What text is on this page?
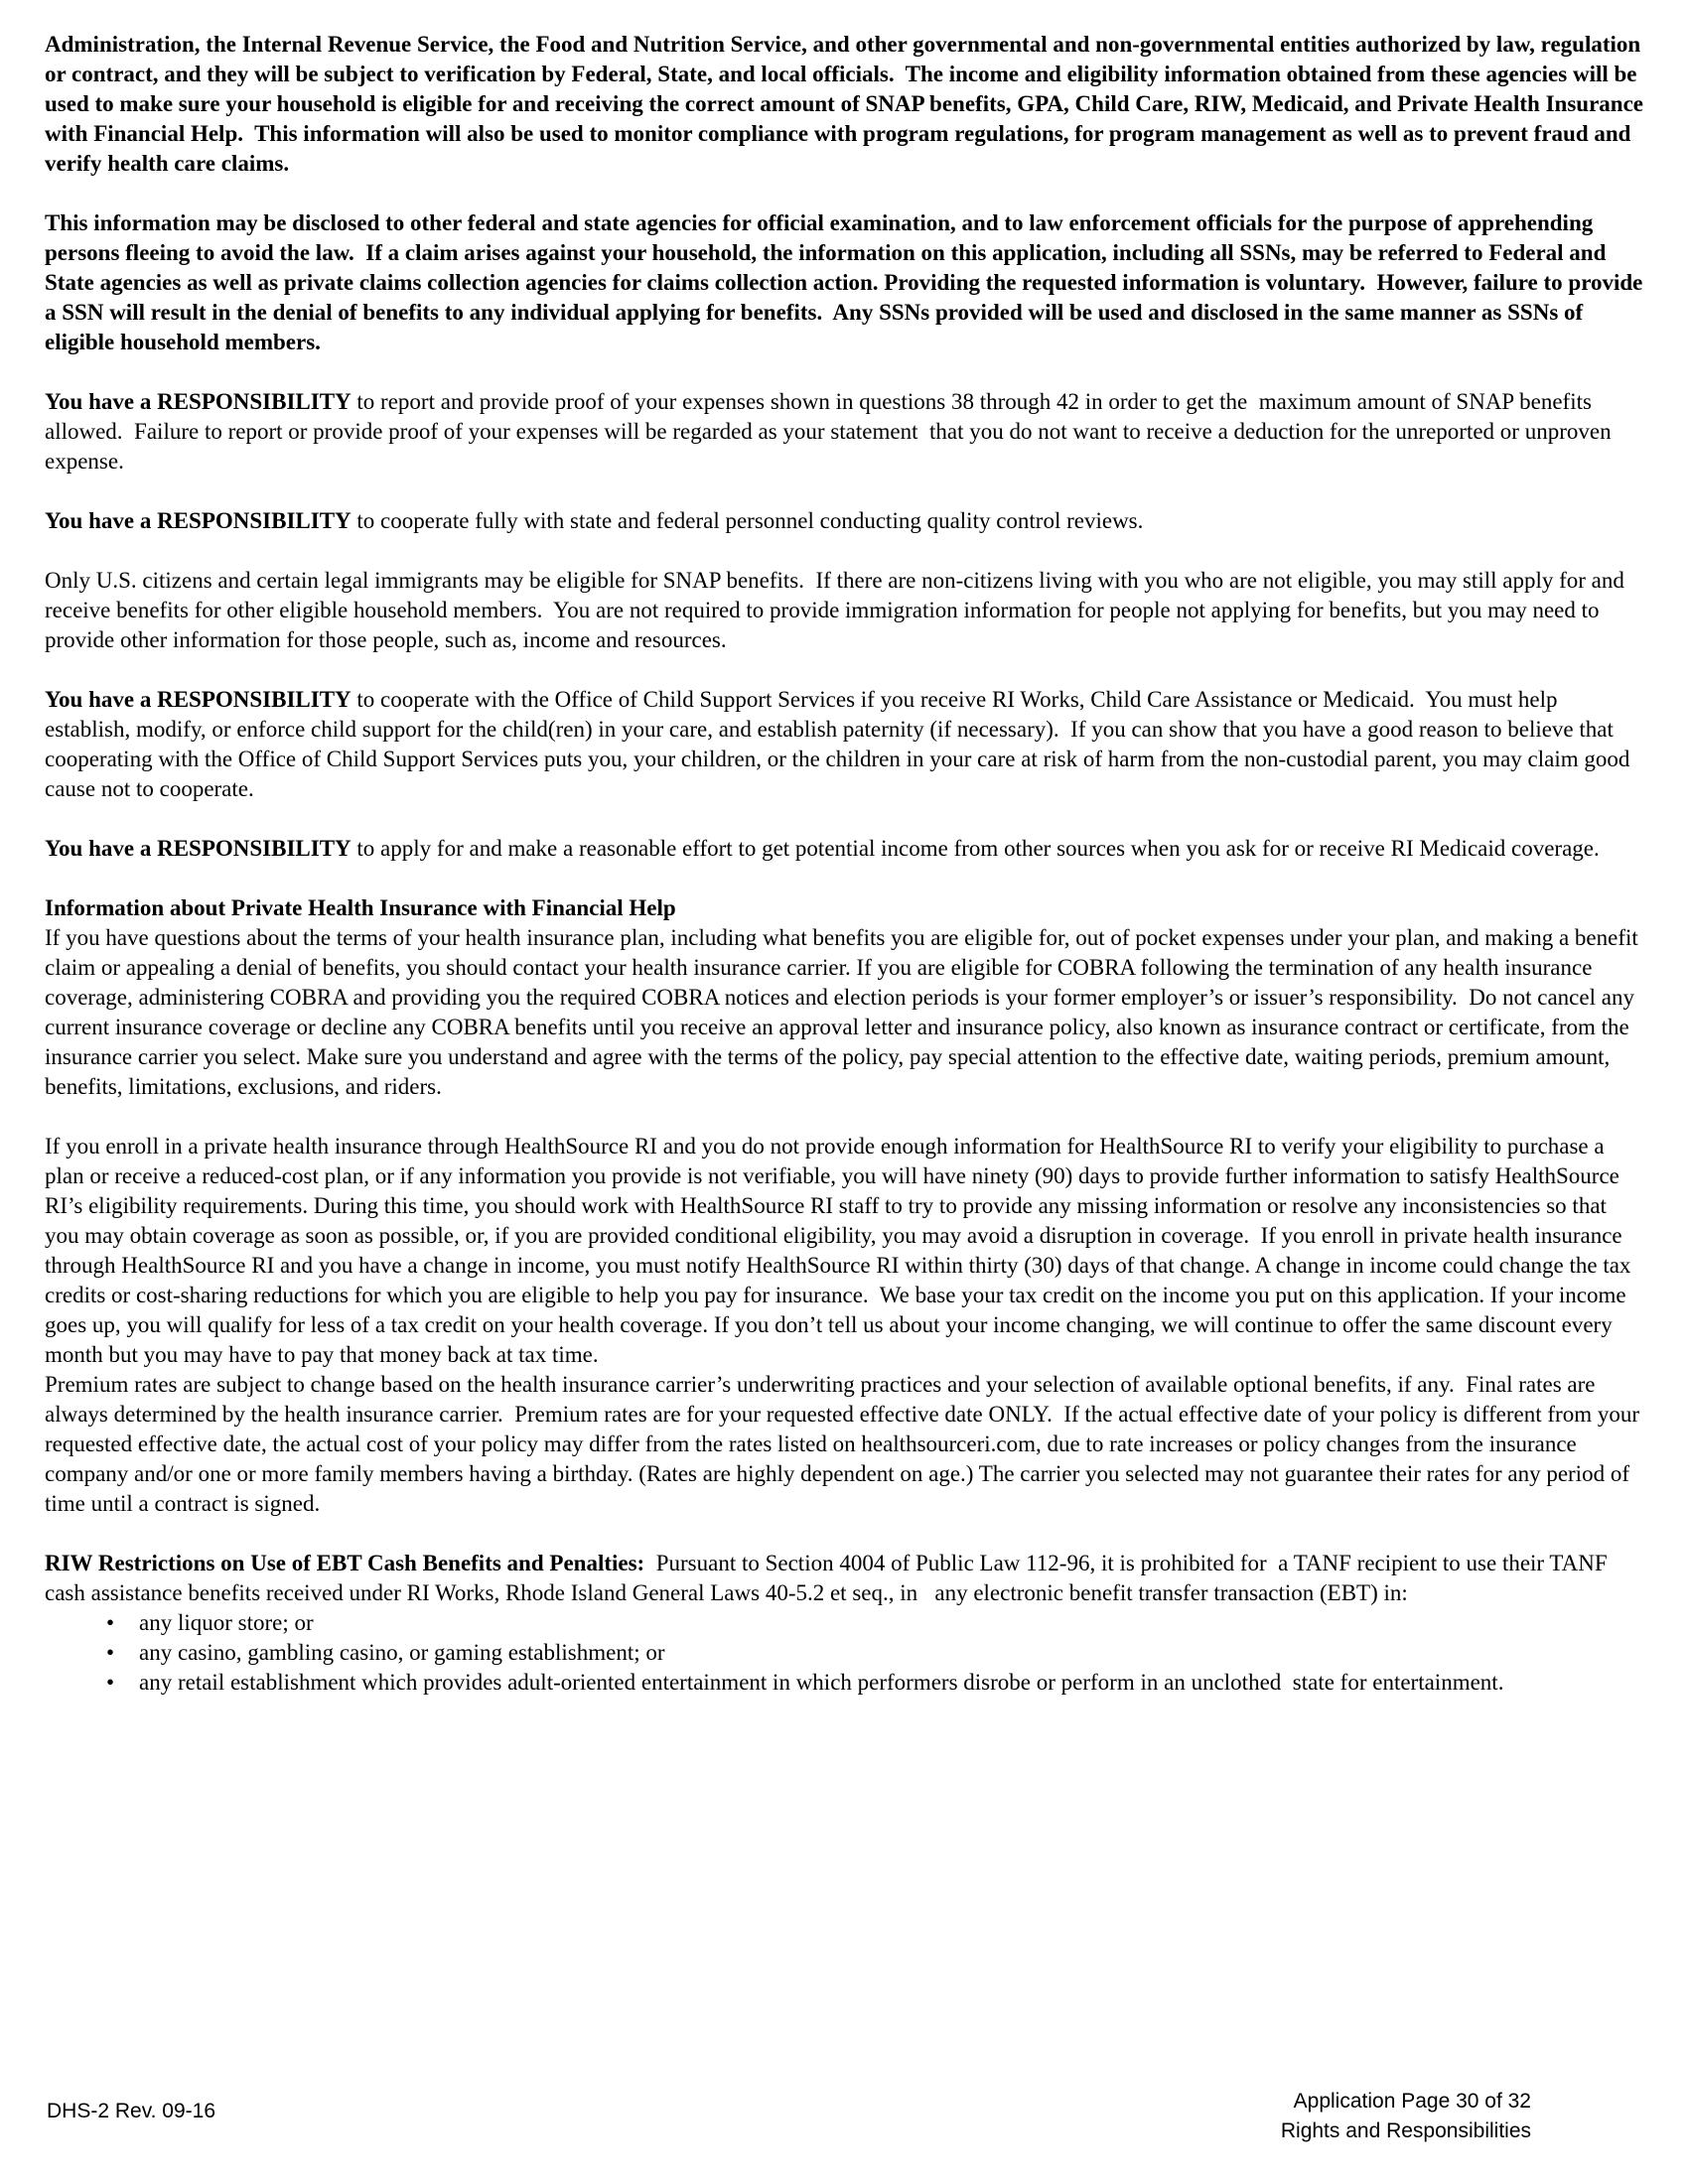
Administration, the Internal Revenue Service, the Food and Nutrition Service, and other governmental and non-governmental entities authorized by law, regulation or contract, and they will be subject to verification by Federal, State, and local officials.  The income and eligibility information obtained from these agencies will be used to make sure your household is eligible for and receiving the correct amount of SNAP benefits, GPA, Child Care, RIW, Medicaid, and Private Health Insurance with Financial Help.  This information will also be used to monitor compliance with program regulations, for program management as well as to prevent fraud and verify health care claims.

This information may be disclosed to other federal and state agencies for official examination, and to law enforcement officials for the purpose of apprehending persons fleeing to avoid the law.  If a claim arises against your household, the information on this application, including all SSNs, may be referred to Federal and State agencies as well as private claims collection agencies for claims collection action. Providing the requested information is voluntary.  However, failure to provide a SSN will result in the denial of benefits to any individual applying for benefits.  Any SSNs provided will be used and disclosed in the same manner as SSNs of eligible household members.

You have a RESPONSIBILITY to report and provide proof of your expenses shown in questions 38 through 42 in order to get the  maximum amount of SNAP benefits allowed.  Failure to report or provide proof of your expenses will be regarded as your statement  that you do not want to receive a deduction for the unreported or unproven expense.

You have a RESPONSIBILITY to cooperate fully with state and federal personnel conducting quality control reviews.

Only U.S. citizens and certain legal immigrants may be eligible for SNAP benefits.  If there are non-citizens living with you who are not eligible, you may still apply for and receive benefits for other eligible household members.  You are not required to provide immigration information for people not applying for benefits, but you may need to provide other information for those people, such as, income and resources.

You have a RESPONSIBILITY to cooperate with the Office of Child Support Services if you receive RI Works, Child Care Assistance or Medicaid.  You must help establish, modify, or enforce child support for the child(ren) in your care, and establish paternity (if necessary).  If you can show that you have a good reason to believe that cooperating with the Office of Child Support Services puts you, your children, or the children in your care at risk of harm from the non-custodial parent, you may claim good cause not to cooperate.

You have a RESPONSIBILITY to apply for and make a reasonable effort to get potential income from other sources when you ask for or receive RI Medicaid coverage.

Information about Private Health Insurance with Financial Help

If you have questions about the terms of your health insurance plan, including what benefits you are eligible for, out of pocket expenses under your plan, and making a benefit claim or appealing a denial of benefits, you should contact your health insurance carrier. If you are eligible for COBRA following the termination of any health insurance coverage, administering COBRA and providing you the required COBRA notices and election periods is your former employer’s or issuer’s responsibility.  Do not cancel any current insurance coverage or decline any COBRA benefits until you receive an approval letter and insurance policy, also known as insurance contract or certificate, from the insurance carrier you select. Make sure you understand and agree with the terms of the policy, pay special attention to the effective date, waiting periods, premium amount, benefits, limitations, exclusions, and riders.

If you enroll in a private health insurance through HealthSource RI and you do not provide enough information for HealthSource RI to verify your eligibility to purchase a plan or receive a reduced-cost plan, or if any information you provide is not verifiable, you will have ninety (90) days to provide further information to satisfy HealthSource RI’s eligibility requirements. During this time, you should work with HealthSource RI staff to try to provide any missing information or resolve any inconsistencies so that you may obtain coverage as soon as possible, or, if you are provided conditional eligibility, you may avoid a disruption in coverage.  If you enroll in private health insurance through HealthSource RI and you have a change in income, you must notify HealthSource RI within thirty (30) days of that change. A change in income could change the tax credits or cost-sharing reductions for which you are eligible to help you pay for insurance.  We base your tax credit on the income you put on this application. If your income goes up, you will qualify for less of a tax credit on your health coverage. If you don’t tell us about your income changing, we will continue to offer the same discount every month but you may have to pay that money back at tax time.

Premium rates are subject to change based on the health insurance carrier’s underwriting practices and your selection of available optional benefits, if any.  Final rates are always determined by the health insurance carrier.  Premium rates are for your requested effective date ONLY.  If the actual effective date of your policy is different from your requested effective date, the actual cost of your policy may differ from the rates listed on healthsourceri.com, due to rate increases or policy changes from the insurance company and/or one or more family members having a birthday. (Rates are highly dependent on age.) The carrier you selected may not guarantee their rates for any period of time until a contract is signed.

RIW Restrictions on Use of EBT Cash Benefits and Penalties:  Pursuant to Section 4004 of Public Law 112-96, it is prohibited for  a TANF recipient to use their TANF cash assistance benefits received under RI Works, Rhode Island General Laws 40-5.2 et seq., in   any electronic benefit transfer transaction (EBT) in:

• any liquor store; or
• any casino, gambling casino, or gaming establishment; or
• any retail establishment which provides adult-oriented entertainment in which performers disrobe or perform in an unclothed  state for entertainment.
DHS-2 Rev. 09-16	Application Page 30 of 32
Rights and Responsibilities
